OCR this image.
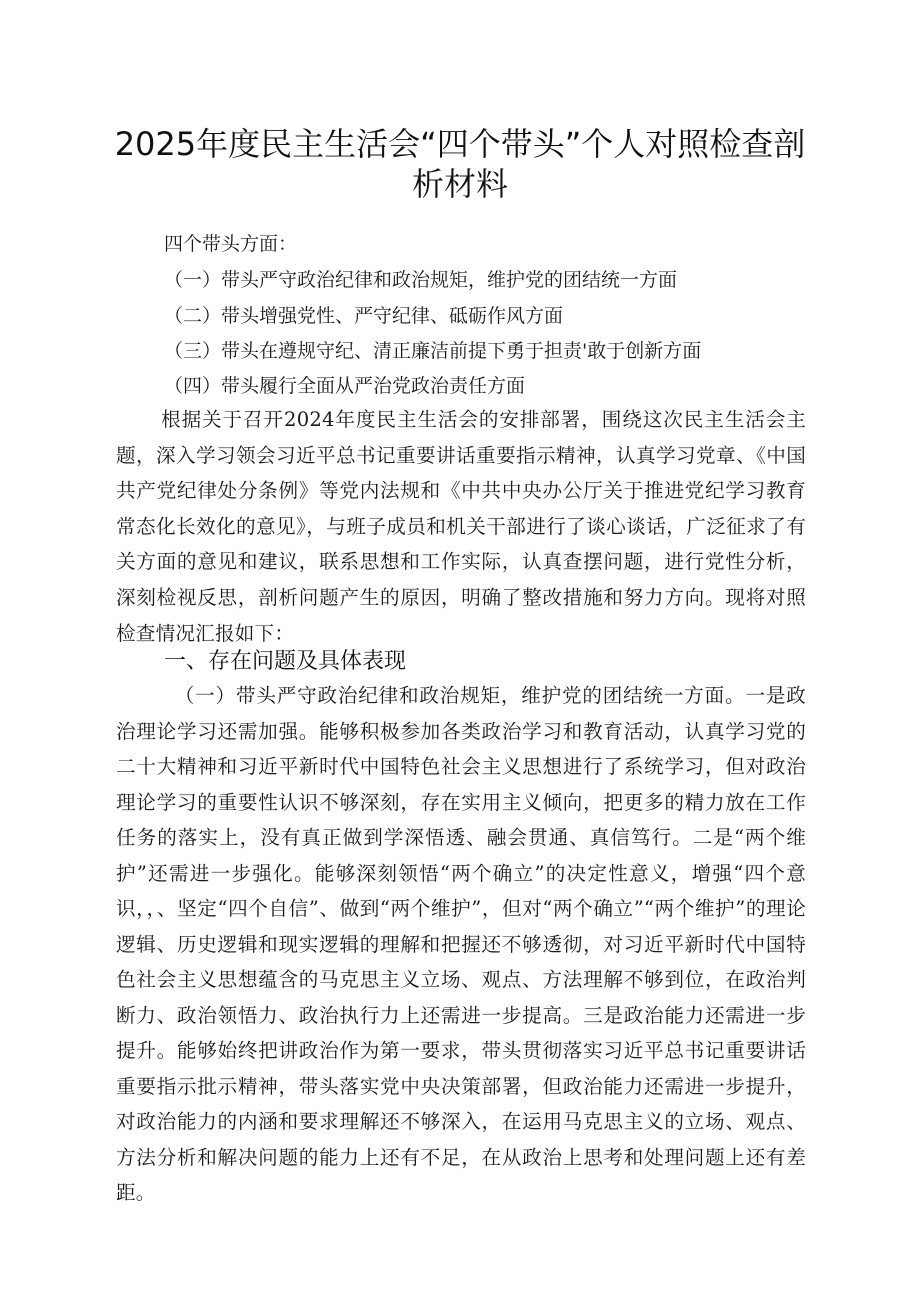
2025年度民主生活会“四个带头”个人对照检查剖析材料

四个带头方面：

（一）带头严守政治纪律和政治规矩，维护党的团结统一方面

（二）带头增强党性、严守纪律、砥砺作风方面

（三）带头在遵规守纪、清正廉洁前提下勇于担责'敢于创新方面

（四）带头履行全面从严治党政治责任方面

根据关于召开2024年度民主生活会的安排部署，围绕这次民主生活会主题，深入学习领会习近平总书记重要讲话重要指示精神，认真学习党章、《中国共产党纪律处分条例》等党内法规和《中共中央办公厅关于推进党纪学习教育常态化长效化的意见》，与班子成员和机关干部进行了谈心谈话，广泛征求了有关方面的意见和建议，联系思想和工作实际，认真查摆问题，进行党性分析，深刻检视反思，剖析问题产生的原因，明确了整改措施和努力方向。现将对照检查情况汇报如下：

一、存在问题及具体表现

（一）带头严守政治纪律和政治规矩，维护党的团结统一方面。一是政治理论学习还需加强。能够积极参加各类政治学习和教育活动，认真学习党的二十大精神和习近平新时代中国特色社会主义思想进行了系统学习，但对政治理论学习的重要性认识不够深刻，存在实用主义倾向，把更多的精力放在工作任务的落实上，没有真正做到学深悟透、融会贯通、真信笃行。二是“两个维护”还需进一步强化。能够深刻领悟“两个确立”的决定性意义，增强“四个意识，，、坚定“四个自信”、做到“两个维护”，但对“两个确立”“两个维护”的理论逻辑、历史逻辑和现实逻辑的理解和把握还不够透彻，对习近平新时代中国特色社会主义思想蕴含的马克思主义立场、观点、方法理解不够到位，在政治判断力、政治领悟力、政治执行力上还需进一步提高。三是政治能力还需进一步提升。能够始终把讲政治作为第一要求，带头贯彻落实习近平总书记重要讲话重要指示批示精神，带头落实党中央决策部署，但政治能力还需进一步提升，对政治能力的内涵和要求理解还不够深入，在运用马克思主义的立场、观点、方法分析和解决问题的能力上还有不足，在从政治上思考和处理问题上还有差距。
